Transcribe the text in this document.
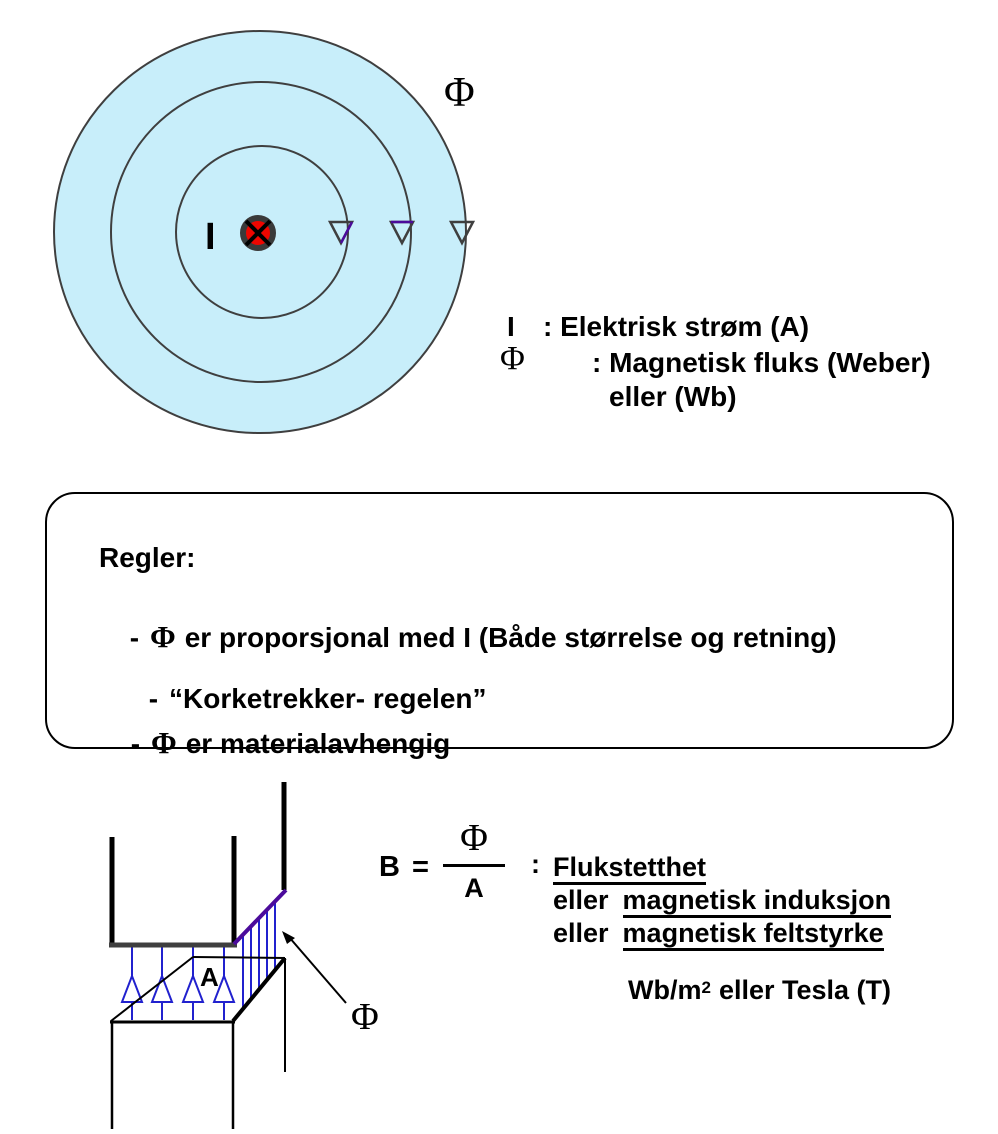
I
Φ
I : Elektrisk strøm (A)
Φ : Magnetisk fluks (Weber)
eller (Wb)
Regler:

- Φ er proporsjonal med I (Både størrelse og retning)

- “Korketrekker- regelen”

- Φ er materialavhengig

A
Φ
B =
Φ
A
: Flukstetthet
eller magnetisk induksjon
eller magnetisk feltstyrke
$Wb/m^2$ eller Tesla (T)
